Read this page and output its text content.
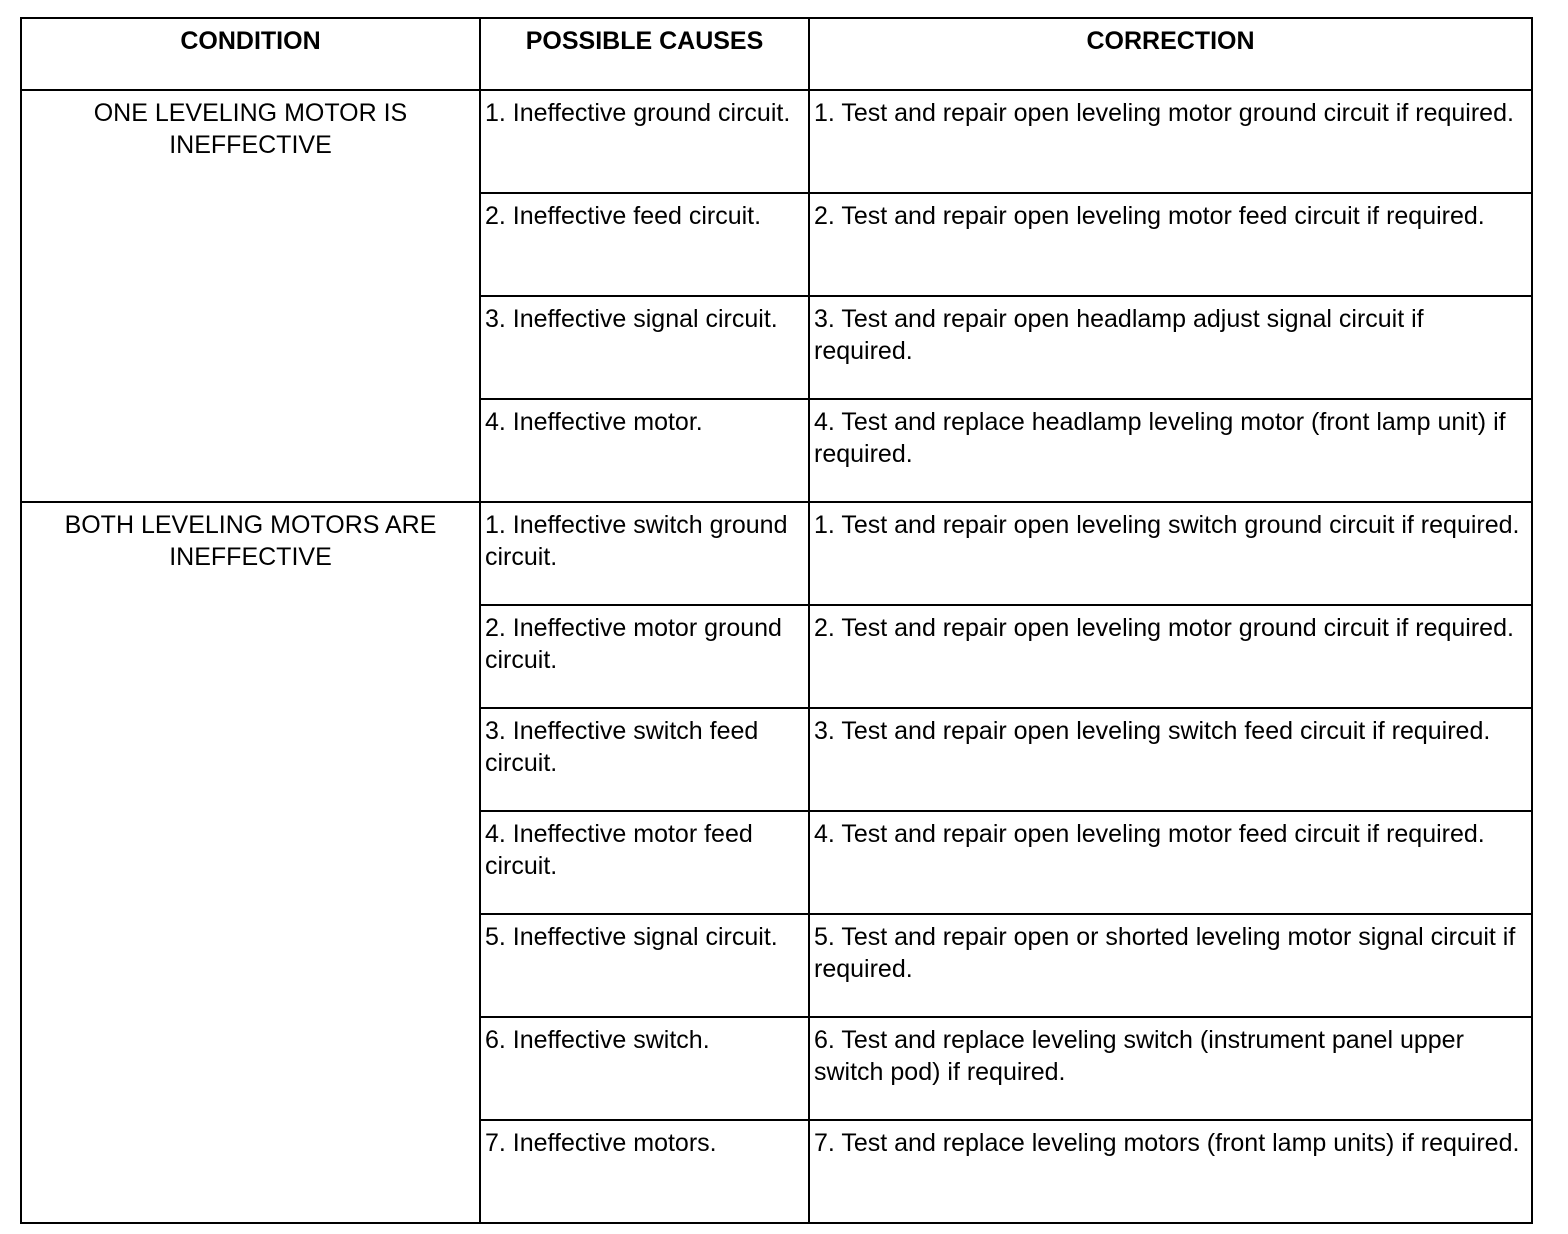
CONDITION	POSSIBLE CAUSES	CORRECTION
ONE LEVELING MOTOR IS INEFFECTIVE	1. Ineffective ground circuit.	1. Test and repair open leveling motor ground circuit if required.
	2. Ineffective feed circuit.	2. Test and repair open leveling motor feed circuit if required.
	3. Ineffective signal circuit.	3. Test and repair open headlamp adjust signal circuit if required.
	4. Ineffective motor.	4. Test and replace headlamp leveling motor (front lamp unit) if required.
BOTH LEVELING MOTORS ARE INEFFECTIVE	1. Ineffective switch ground circuit.	1. Test and repair open leveling switch ground circuit if required.
	2. Ineffective motor ground circuit.	2. Test and repair open leveling motor ground circuit if required.
	3. Ineffective switch feed circuit.	3. Test and repair open leveling switch feed circuit if required.
	4. Ineffective motor feed circuit.	4. Test and repair open leveling motor feed circuit if required.
	5. Ineffective signal circuit.	5. Test and repair open or shorted leveling motor signal circuit if required.
	6. Ineffective switch.	6. Test and replace leveling switch (instrument panel upper switch pod) if required.
	7. Ineffective motors.	7. Test and replace leveling motors (front lamp units) if required.
